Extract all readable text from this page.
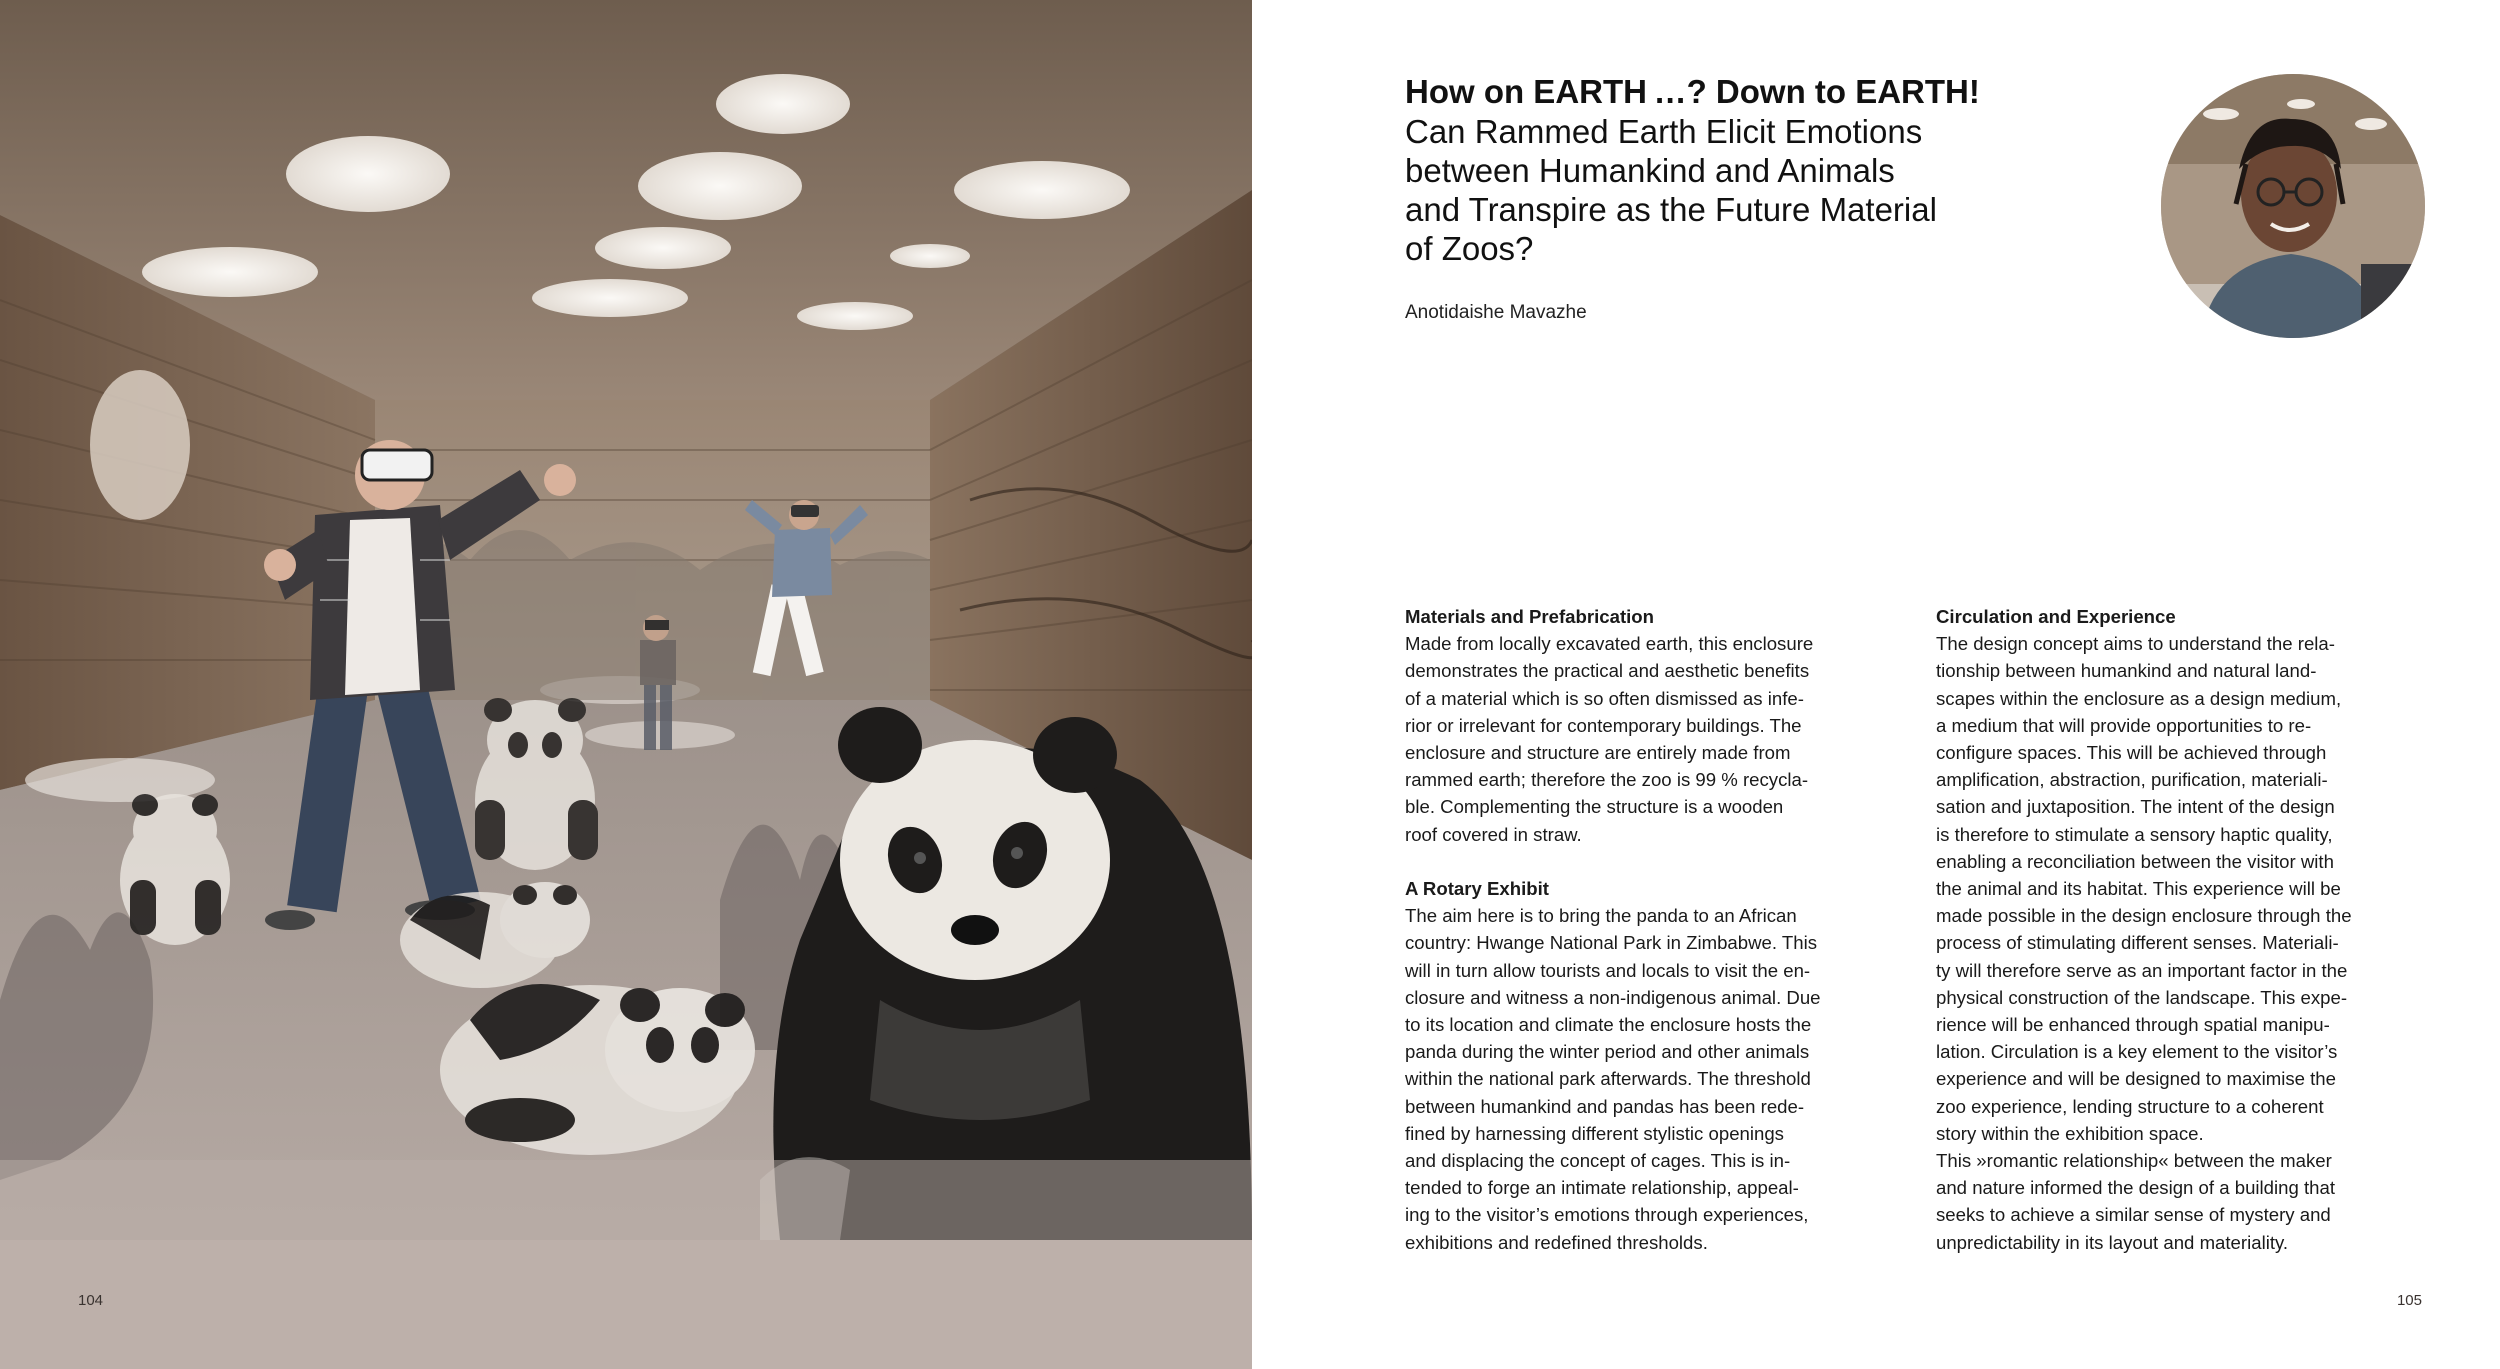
104
How on EARTH …? Down to EARTH!
Can Rammed Earth Elicit Emotions
between Humankind and Animals
and Transpire as the Future Material
of Zoos?
Anotidaishe Mavazhe
Materials and Prefabrication

Made from locally excavated earth, this enclosure

demonstrates the practical and aesthetic benefits

of a material which is so often dismissed as infe-

rior or irrelevant for contemporary buildings. The

enclosure and structure are entirely made from

rammed earth; therefore the zoo is 99 % recycla-

ble. Complementing the structure is a wooden

roof covered in straw.

A Rotary Exhibit

The aim here is to bring the panda to an African

country: Hwange National Park in Zimbabwe. This

will in turn allow tourists and locals to visit the en-

closure and witness a non-indigenous animal. Due

to its location and climate the enclosure hosts the

panda during the winter period and other animals

within the national park afterwards. The threshold

between humankind and pandas has been rede-

fined by harnessing different stylistic openings

and displacing the concept of cages. This is in-

tended to forge an intimate relationship, appeal-

ing to the visitor’s emotions through experiences,

exhibitions and redefined thresholds.

Circulation and Experience

The design concept aims to understand the rela-

tionship between humankind and natural land-

scapes within the enclosure as a design medium,

a medium that will provide opportunities to re-

configure spaces. This will be achieved through

amplification, abstraction, purification, materiali-

sation and juxtaposition. The intent of the design

is therefore to stimulate a sensory haptic quality,

enabling a reconciliation between the visitor with

the animal and its habitat. This experience will be

made possible in the design enclosure through the

process of stimulating different senses. Materiali-

ty will therefore serve as an important factor in the

physical construction of the landscape. This expe-

rience will be enhanced through spatial manipu-

lation. Circulation is a key element to the visitor’s

experience and will be designed to maximise the

zoo experience, lending structure to a coherent

story within the exhibition space.

This »romantic relationship« between the maker

and nature informed the design of a building that

seeks to achieve a similar sense of mystery and

unpredictability in its layout and materiality.

105
